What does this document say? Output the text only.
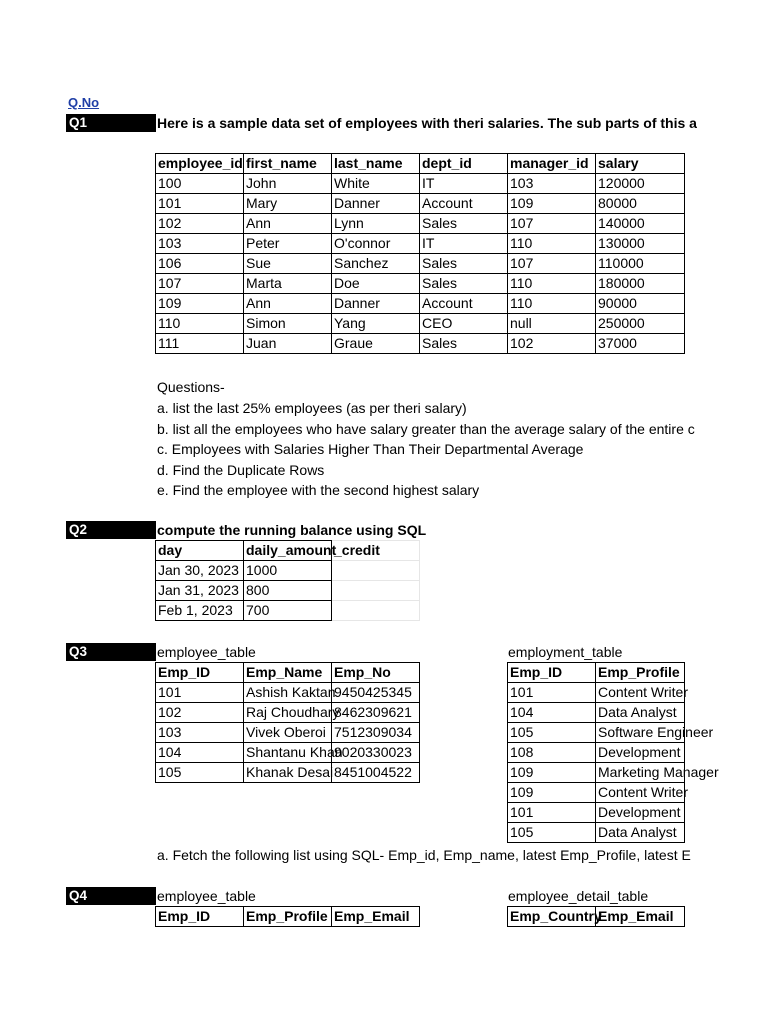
Q.No
Q1	Here is a sample data set of employees with theri salaries. The sub parts of this a
employee_id	first_name	last_name	dept_id	manager_id	salary
100	John	White	IT	103	120000
101	Mary	Danner	Account	109	80000
102	Ann	Lynn	Sales	107	140000
103	Peter	O'connor	IT	110	130000
106	Sue	Sanchez	Sales	107	110000
107	Marta	Doe	Sales	110	180000
109	Ann	Danner	Account	110	90000
110	Simon	Yang	CEO	null	250000
111	Juan	Graue	Sales	102	37000
Questions-
a. list the last 25% employees (as per theri salary)
b. list all the employees who have salary greater than the average salary of the entire c
c. Employees with Salaries Higher Than Their Departmental Average
d. Find the Duplicate Rows
e. Find the employee with the second highest salary
Q2	compute the running balance using SQL
day	daily_amount	_credit
Jan 30, 2023	1000	
Jan 31, 2023	800	
Feb 1, 2023	700	
Q3	employee_table
Emp_ID	Emp_Name	Emp_No
101	Ashish Kaktan	9450425345
102	Raj Choudhary	8462309621
103	Vivek Oberoi	7512309034
104	Shantanu Khan	9020330023
105	Khanak Desai	8451004522
employment_table
Emp_ID	Emp_Profile
101	Content Writer
104	Data Analyst
105	Software Engineer
108	Development
109	Marketing Manager
109	Content Writer
101	Development
105	Data Analyst
a. Fetch the following list using SQL- Emp_id, Emp_name, latest Emp_Profile, latest E
Q4	employee_table
Emp_ID	Emp_Profile	Emp_Email
employee_detail_table
Emp_Country	Emp_Email
